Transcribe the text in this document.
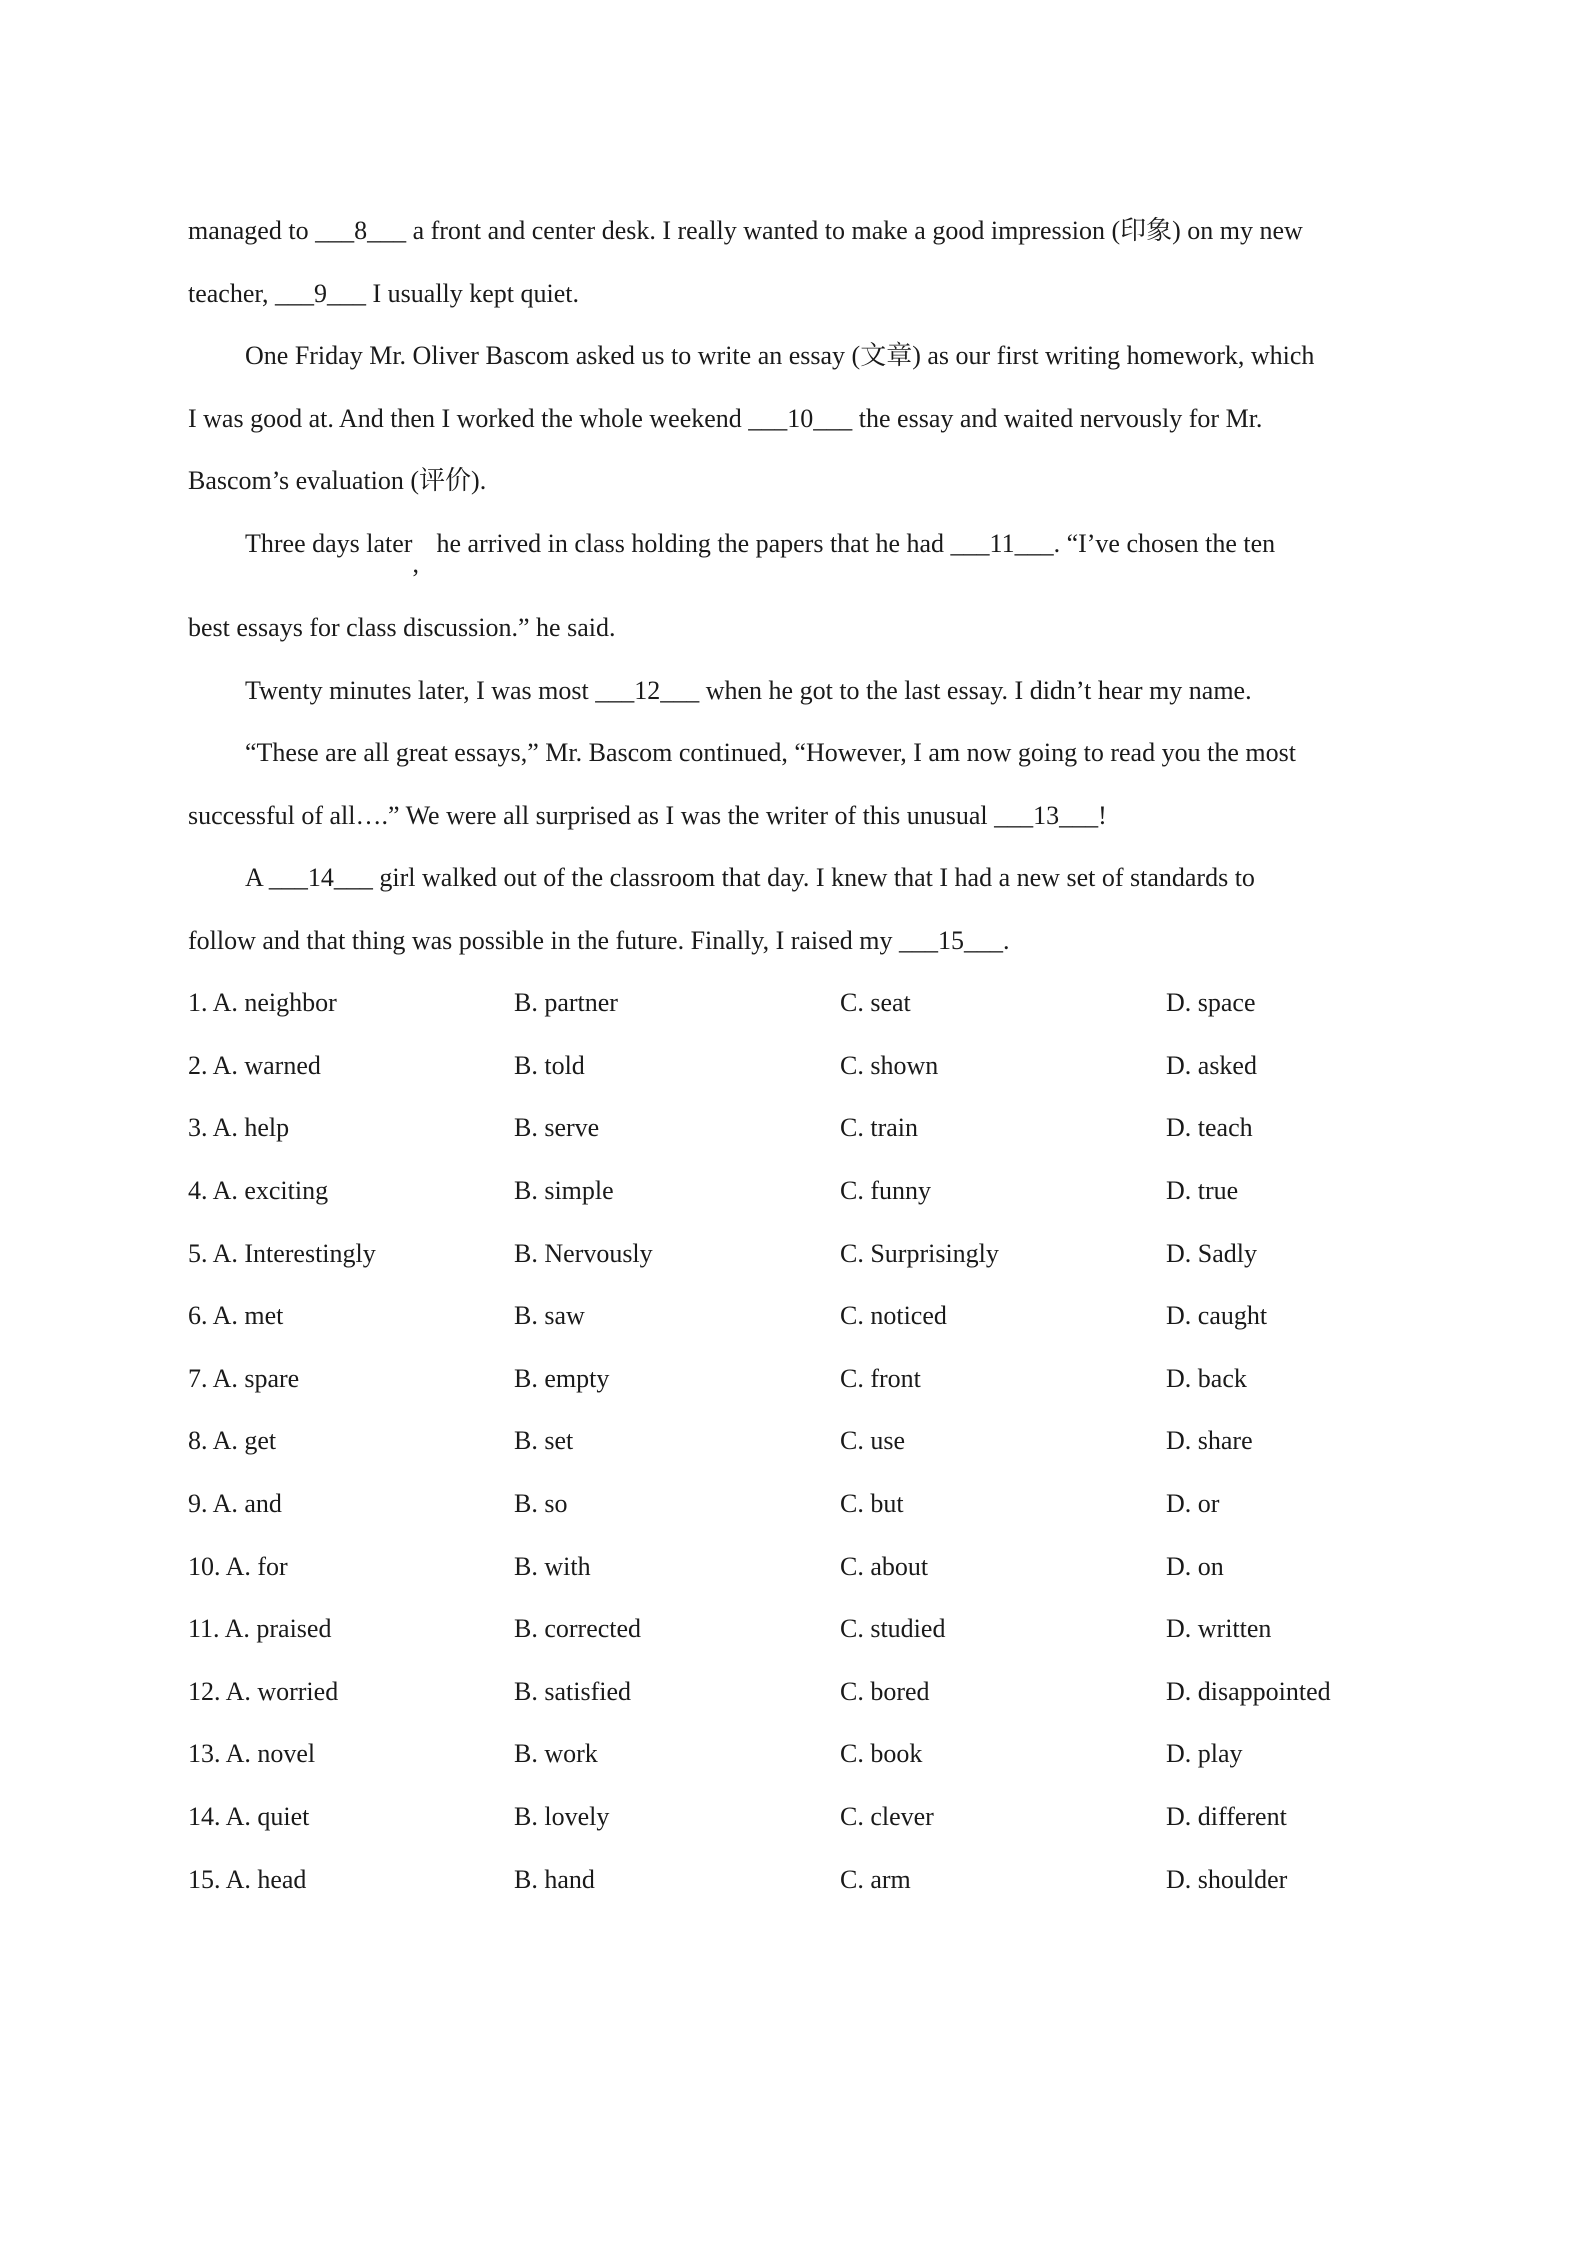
managed to ___8___ a front and center desk. I really wanted to make a good impression (印象) on my new

teacher, ___9___ I usually kept quiet.

One Friday Mr. Oliver Bascom asked us to write an essay (文章) as our first writing homework, which

I was good at. And then I worked the whole weekend ___10___ the essay and waited nervously for Mr.

Bascom’s evaluation (评价).

Three days later,he arrived in class holding the papers that he had ___11___. “I’ve chosen the ten

best essays for class discussion.” he said.

Twenty minutes later, I was most ___12___ when he got to the last essay. I didn’t hear my name.

“These are all great essays,” Mr. Bascom continued, “However, I am now going to read you the most

successful of all….” We were all surprised as I was the writer of this unusual ___13___!

A ___14___ girl walked out of the classroom that day. I knew that I had a new set of standards to

follow and that thing was possible in the future. Finally, I raised my ___15___.

1. A. neighbor	B. partner	C. seat	D. space
2. A. warned	B. told	C. shown	D. asked
3. A. help	B. serve	C. train	D. teach
4. A. exciting	B. simple	C. funny	D. true
5. A. Interestingly	B. Nervously	C. Surprisingly	D. Sadly
6. A. met	B. saw	C. noticed	D. caught
7. A. spare	B. empty	C. front	D. back
8. A. get	B. set	C. use	D. share
9. A. and	B. so	C. but	D. or
10. A. for	B. with	C. about	D. on
11. A. praised	B. corrected	C. studied	D. written
12. A. worried	B. satisfied	C. bored	D. disappointed
13. A. novel	B. work	C. book	D. play
14. A. quiet	B. lovely	C. clever	D. different
15. A. head	B. hand	C. arm	D. shoulder
